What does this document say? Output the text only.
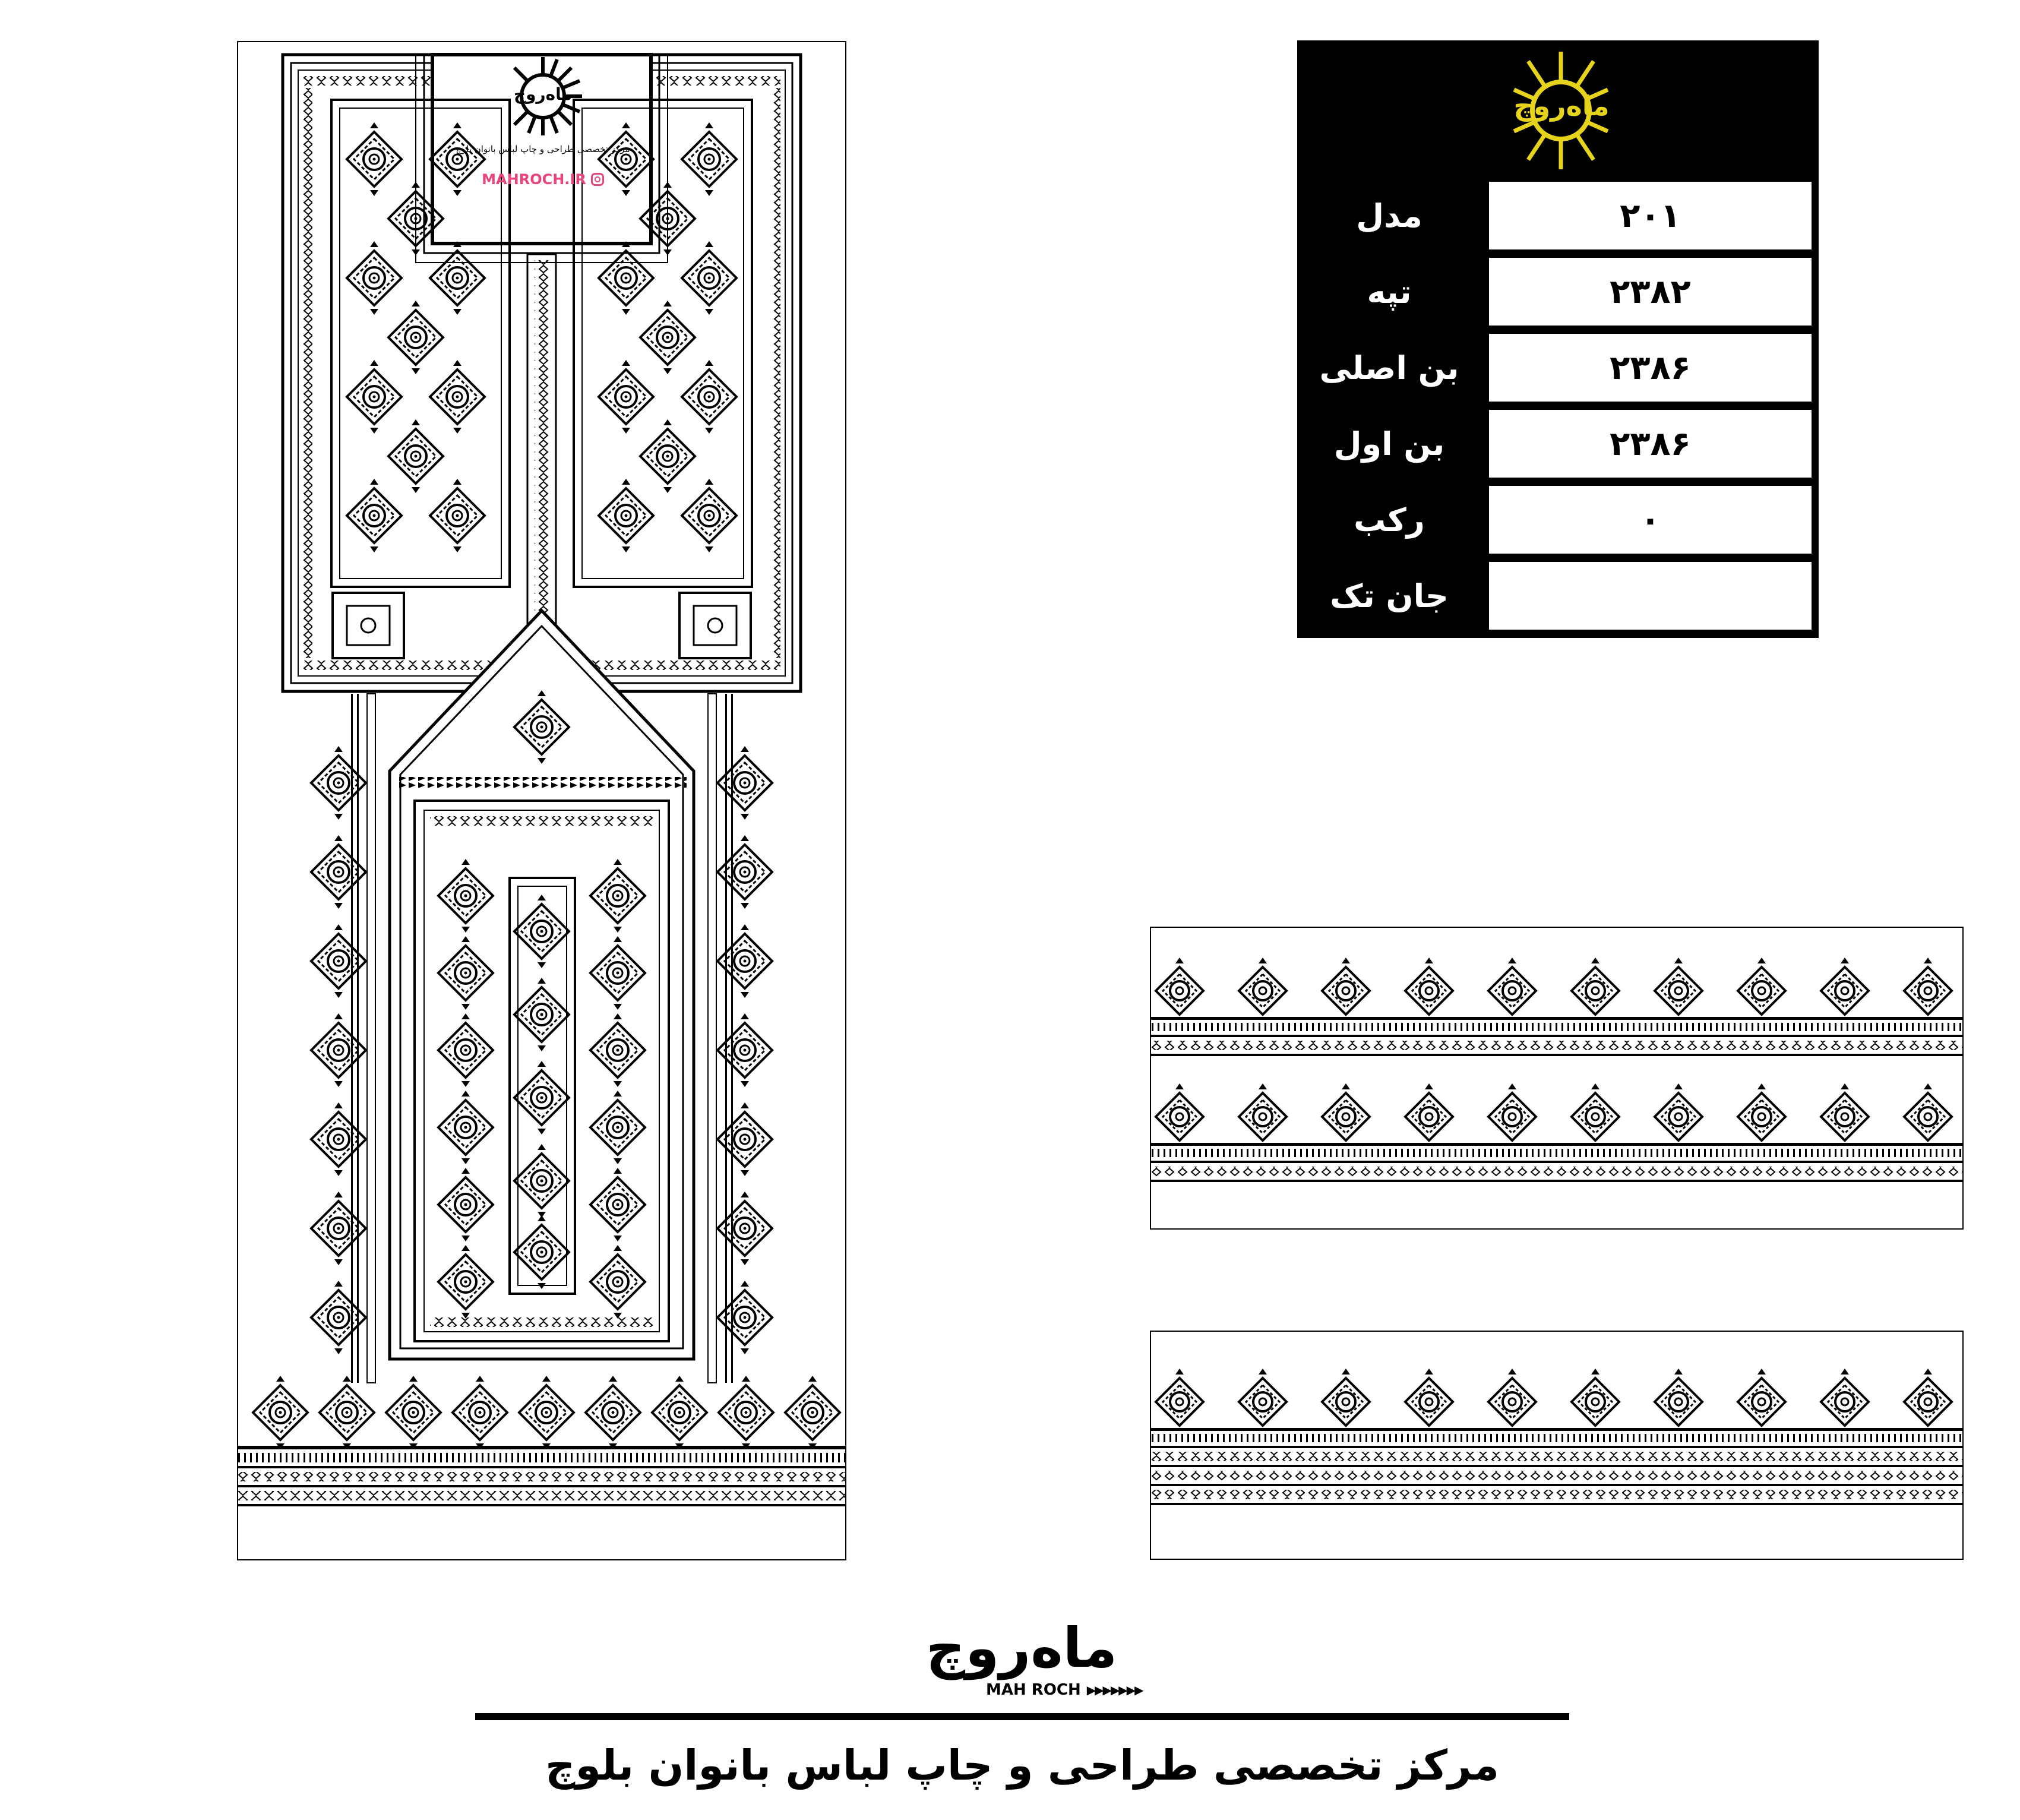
ماه‌روچ
مرکز تخصصی طراحی و چاپ لباس بانوان بلوچ
MAHROCH.IR
ماه‌روچ
مدل	۲۰۱
تپه	۲۳۸۲
بن اصلی	۲۳۸۶
بن اول	۲۳۸۶
رکب	۰
جان تک
ماه‌روچ
MAH ROCH ▶▶▶▶▶▶▶
مرکز تخصصی طراحی و چاپ لباس بانوان بلوچ
